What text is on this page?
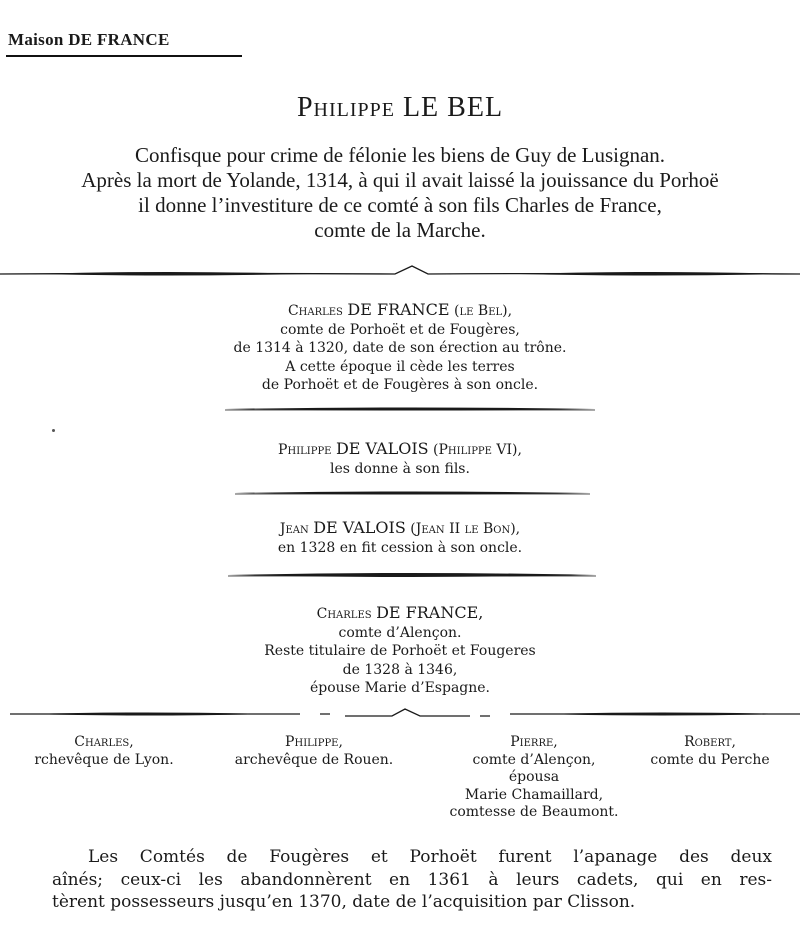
Maison DE FRANCE
Philippe LE BEL
Confisque pour crime de félonie les biens de Guy de Lusignan.
Après la mort de Yolande, 1314, à qui il avait laissé la jouissance du Porhoë
il donne l’investiture de ce comté à son fils Charles de France,
comte de la Marche.
Charles DE FRANCE (le Bel),
comte de Porhoët et de Fougères,
de 1314 à 1320, date de son érection au trône.
A cette époque il cède les terres
de Porhoët et de Fougères à son oncle.
Philippe DE VALOIS (Philippe VI),
les donne à son fils.
Jean DE VALOIS (Jean II le Bon),
en 1328 en fit cession à son oncle.
Charles DE FRANCE,
comte d’Alençon.
Reste titulaire de Porhoët et Fougeres
de 1328 à 1346,
épouse Marie d’Espagne.
Charles,
rchevêque de Lyon.
Philippe,
archevêque de Rouen.
Pierre,
comte d’Alençon,
épousa
Marie Chamaillard,
comtesse de Beaumont.
Robert,
comte du Perche
Les Comtés de Fougères et Porhoët furent l’apanage des deux
aînés; ceux-ci les abandonnèrent en 1361 à leurs cadets, qui en res-
tèrent possesseurs jusqu’en 1370, date de l’acquisition par Clisson.
